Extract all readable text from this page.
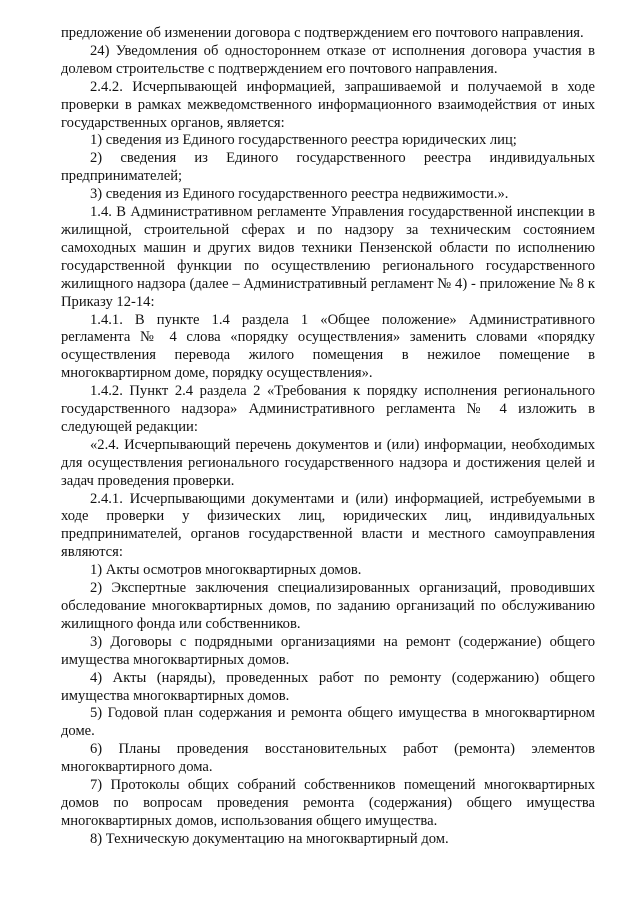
предложение об изменении договора с подтверждением его почтового направления.

24) Уведомления об одностороннем отказе от исполнения договора участия в долевом строительстве с подтверждением его почтового направления.

2.4.2. Исчерпывающей информацией, запрашиваемой и получаемой в ходе проверки в рамках межведомственного информационного взаимодействия от иных государственных органов, является:

1) сведения из Единого государственного реестра юридических лиц;

2) сведения из Единого государственного реестра индивидуальных предпринимателей;

3) сведения из Единого государственного реестра недвижимости.».

1.4. В Административном регламенте Управления государственной инспекции в жилищной, строительной сферах и по надзору за техническим состоянием самоходных машин и других видов техники Пензенской области по исполнению государственной функции по осуществлению регионального государственного жилищного надзора (далее – Административный регламент № 4) - приложение № 8 к Приказу 12-14:

1.4.1. В пункте 1.4 раздела 1 «Общее положение» Административного регламента № 4 слова «порядку осуществления» заменить словами «порядку осуществления перевода жилого помещения в нежилое помещение в многоквартирном доме, порядку осуществления».

1.4.2. Пункт 2.4 раздела 2 «Требования к порядку исполнения регионального государственного надзора» Административного регламента № 4 изложить в следующей редакции:

«2.4. Исчерпывающий перечень документов и (или) информации, необходимых для осуществления регионального государственного надзора и достижения целей и задач проведения проверки.

2.4.1. Исчерпывающими документами и (или) информацией, истребуемыми в ходе проверки у физических лиц, юридических лиц, индивидуальных предпринимателей, органов государственной власти и местного самоуправления являются:

1) Акты осмотров многоквартирных домов.

2) Экспертные заключения специализированных организаций, проводивших обследование многоквартирных домов, по заданию организаций по обслуживанию жилищного фонда или собственников.

3) Договоры с подрядными организациями на ремонт (содержание) общего имущества многоквартирных домов.

4) Акты (наряды), проведенных работ по ремонту (содержанию) общего имущества многоквартирных домов.

5) Годовой план содержания и ремонта общего имущества в многоквартирном доме.

6) Планы проведения восстановительных работ (ремонта) элементов многоквартирного дома.

7) Протоколы общих собраний собственников помещений многоквартирных домов по вопросам проведения ремонта (содержания) общего имущества многоквартирных домов, использования общего имущества.

8) Техническую документацию на многоквартирный дом.
